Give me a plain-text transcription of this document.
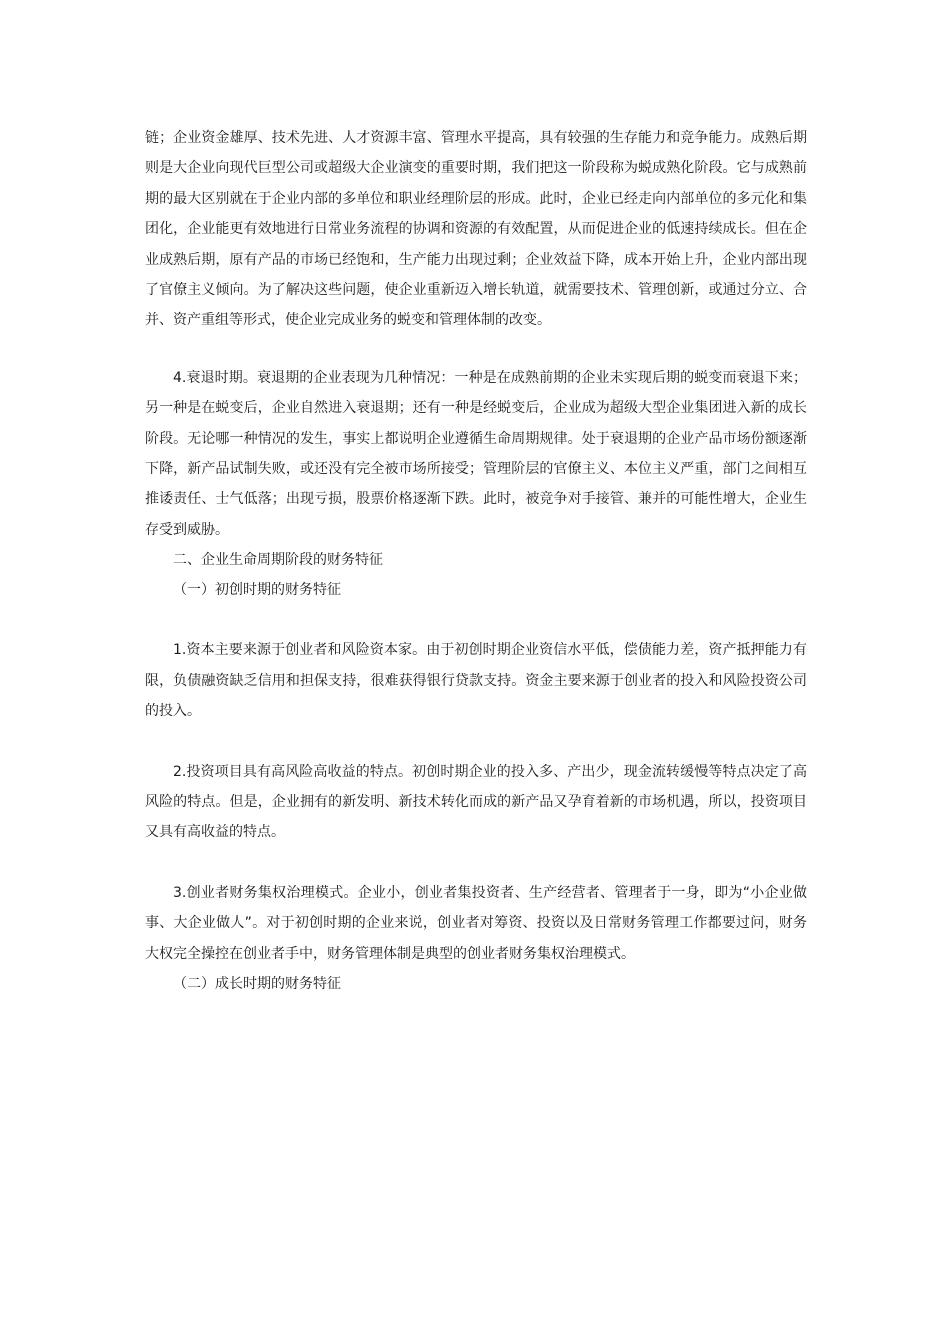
链；企业资金雄厚、技术先进、人才资源丰富、管理水平提高，具有较强的生存能力和竞争能力。成熟后期则是大企业向现代巨型公司或超级大企业演变的重要时期，我们把这一阶段称为蜕成熟化阶段。它与成熟前期的最大区别就在于企业内部的多单位和职业经理阶层的形成。此时，企业已经走向内部单位的多元化和集团化，企业能更有效地进行日常业务流程的协调和资源的有效配置，从而促进企业的低速持续成长。但在企业成熟后期，原有产品的市场已经饱和，生产能力出现过剩；企业效益下降，成本开始上升，企业内部出现了官僚主义倾向。为了解决这些问题，使企业重新迈入增长轨道，就需要技术、管理创新，或通过分立、合并、资产重组等形式，使企业完成业务的蜕变和管理体制的改变。

4.衰退时期。衰退期的企业表现为几种情况：一种是在成熟前期的企业未实现后期的蜕变而衰退下来；另一种是在蜕变后，企业自然进入衰退期；还有一种是经蜕变后，企业成为超级大型企业集团进入新的成长阶段。无论哪一种情况的发生，事实上都说明企业遵循生命周期规律。处于衰退期的企业产品市场份额逐渐下降，新产品试制失败，或还没有完全被市场所接受；管理阶层的官僚主义、本位主义严重，部门之间相互推诿责任、士气低落；出现亏损，股票价格逐渐下跌。此时，被竞争对手接管、兼并的可能性增大，企业生存受到威胁。

二、企业生命周期阶段的财务特征

（一）初创时期的财务特征

1.资本主要来源于创业者和风险资本家。由于初创时期企业资信水平低，偿债能力差，资产抵押能力有限，负债融资缺乏信用和担保支持，很难获得银行贷款支持。资金主要来源于创业者的投入和风险投资公司的投入。

2.投资项目具有高风险高收益的特点。初创时期企业的投入多、产出少，现金流转缓慢等特点决定了高风险的特点。但是，企业拥有的新发明、新技术转化而成的新产品又孕育着新的市场机遇，所以，投资项目又具有高收益的特点。

3.创业者财务集权治理模式。企业小，创业者集投资者、生产经营者、管理者于一身，即为“小企业做事、大企业做人”。对于初创时期的企业来说，创业者对筹资、投资以及日常财务管理工作都要过问，财务大权完全操控在创业者手中，财务管理体制是典型的创业者财务集权治理模式。

（二）成长时期的财务特征
